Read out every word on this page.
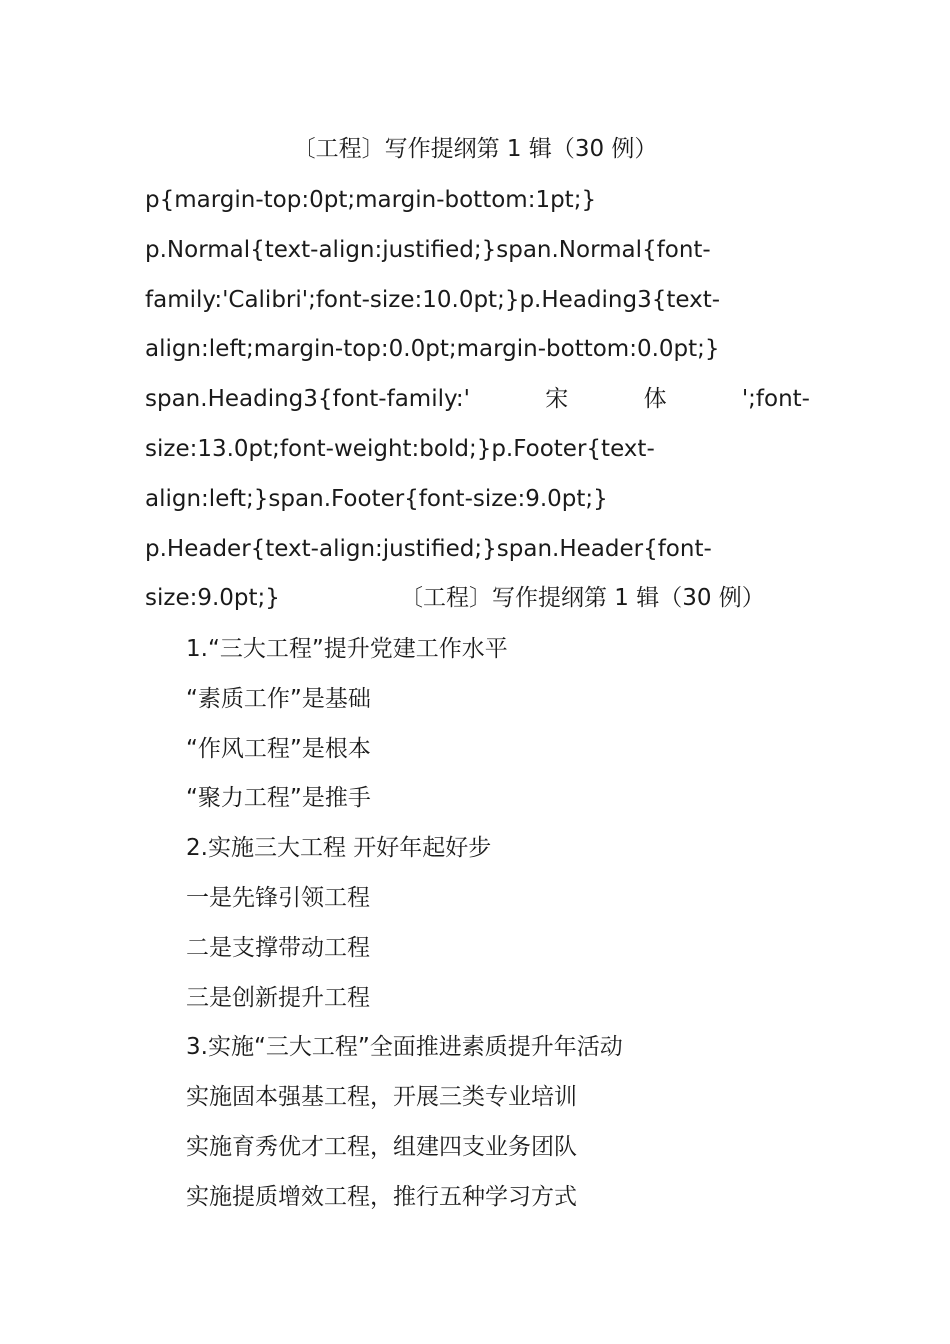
〔工程〕写作提纲第 1 辑（30 例）
p{margin-top:0pt;margin-bottom:1pt;}
p.Normal{text-align:justified;}span.Normal{font-
family:'Calibri';font-size:10.0pt;}p.Heading3{text-
align:left;margin-top:0.0pt;margin-bottom:0.0pt;}
span.Heading3{font-family:'	宋	体	';font-
size:13.0pt;font-weight:bold;}p.Footer{text-
align:left;}span.Footer{font-size:9.0pt;}
p.Header{text-align:justified;}span.Header{font-
size:9.0pt;}	〔工程〕写作提纲第 1 辑（30 例）
1.“三大工程”提升党建工作水平
“素质工作”是基础
“作风工程”是根本
“聚力工程”是推手
2.实施三大工程 开好年起好步
一是先锋引领工程
二是支撑带动工程
三是创新提升工程
3.实施“三大工程”全面推进素质提升年活动
实施固本强基工程，开展三类专业培训
实施育秀优才工程，组建四支业务团队
实施提质增效工程，推行五种学习方式
